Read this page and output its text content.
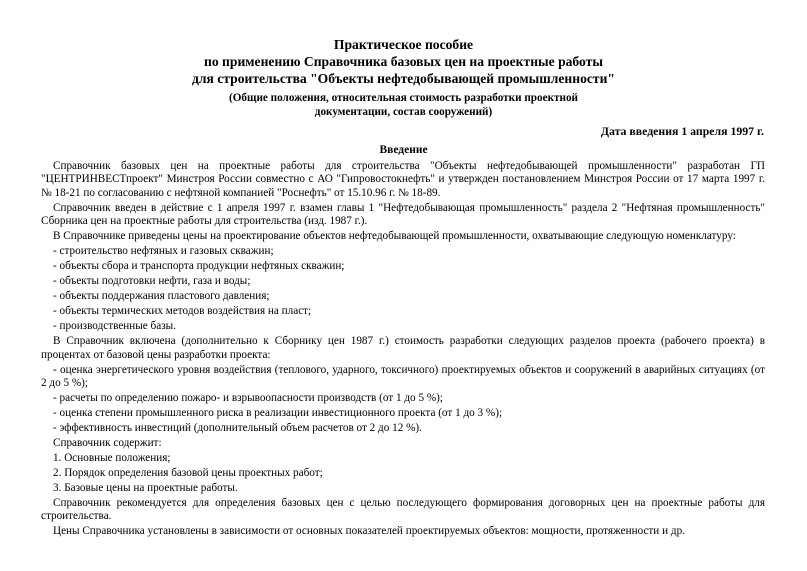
Практическое пособие
по применению Справочника базовых цен на проектные работы
для строительства "Объекты нефтедобывающей промышленности"
(Общие положения, относительная стоимость разработки проектной
документации, состав сооружений)
Дата введения 1 апреля 1997 г.
Введение

Справочник базовых цен на проектные работы для строительства "Объекты нефтедобывающей промышленности" разработан ГП "ЦЕНТРИНВЕСТпроект" Минстроя России совместно с АО "Гипровостокнефть" и утвержден постановлением Минстроя России от 17 марта 1997 г. № 18-21 по согласованию с нефтяной компанией "Роснефть" от 15.10.96 г. № 18-89.

Справочник введен в действие с 1 апреля 1997 г. взамен главы 1 "Нефтедобывающая промышленность" раздела 2 "Нефтяная промышленность" Сборника цен на проектные работы для строительства (изд. 1987 г.).

В Справочнике приведены цены на проектирование объектов нефтедобывающей промышленности, охватывающие следующую номенклатуру:

- строительство нефтяных и газовых скважин;

- объекты сбора и транспорта продукции нефтяных скважин;

- объекты подготовки нефти, газа и воды;

- объекты поддержания пластового давления;

- объекты термических методов воздействия на пласт;

- производственные базы.

В Справочник включена (дополнительно к Сборнику цен 1987 г.) стоимость разработки следующих разделов проекта (рабочего проекта) в процентах от базовой цены разработки проекта:

- оценка энергетического уровня воздействия (теплового, ударного, токсичного) проектируемых объектов и сооружений в аварийных ситуациях (от 2 до 5 %);

- расчеты по определению пожаро- и взрывоопасности производств (от 1 до 5 %);

- оценка степени промышленного риска в реализации инвестиционного проекта (от 1 до 3 %);

- эффективность инвестиций (дополнительный объем расчетов от 2 до 12 %).

Справочник содержит:

1. Основные положения;

2. Порядок определения базовой цены проектных работ;

3. Базовые цены на проектные работы.

Справочник рекомендуется для определения базовых цен с целью последующего формирования договорных цен на проектные работы для строительства.

Цены Справочника установлены в зависимости от основных показателей проектируемых объектов: мощности, протяженности и др.
